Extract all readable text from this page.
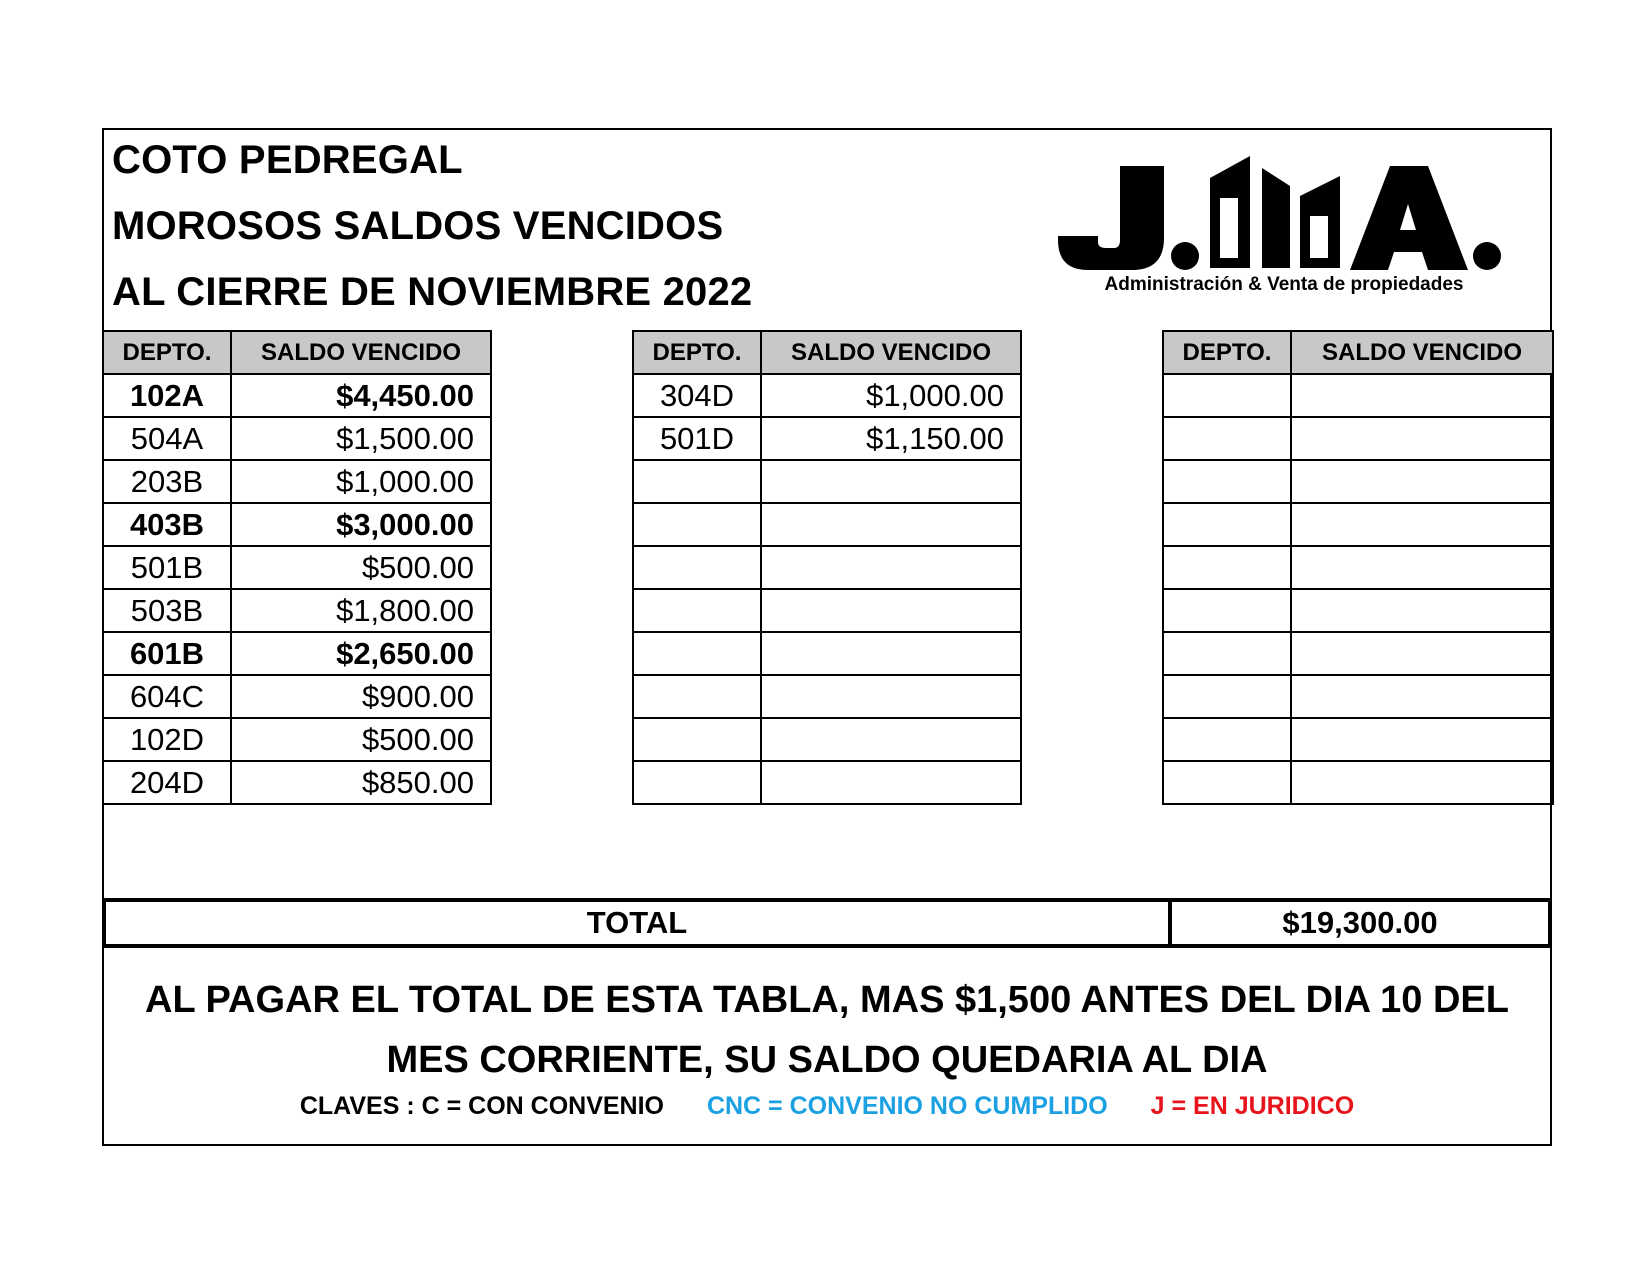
COTO PEDREGAL
MOROSOS SALDOS VENCIDOS
AL CIERRE DE NOVIEMBRE 2022	Administración & Venta de propiedades
DEPTO.	SALDO VENCIDO
102A	$4,450.00
504A	$1,500.00
203B	$1,000.00
403B	$3,000.00
501B	$500.00
503B	$1,800.00
601B	$2,650.00
604C	$900.00
102D	$500.00
204D	$850.00
DEPTO.	SALDO VENCIDO
304D	$1,000.00
501D	$1,150.00

DEPTO.	SALDO VENCIDO

TOTAL	$19,300.00
AL PAGAR EL TOTAL DE ESTA TABLA, MAS $1,500 ANTES DEL DIA 10 DEL
MES CORRIENTE, SU SALDO QUEDARIA AL DIA
CLAVES : C = CON CONVENIO CNC = CONVENIO NO CUMPLIDO J = EN JURIDICO
